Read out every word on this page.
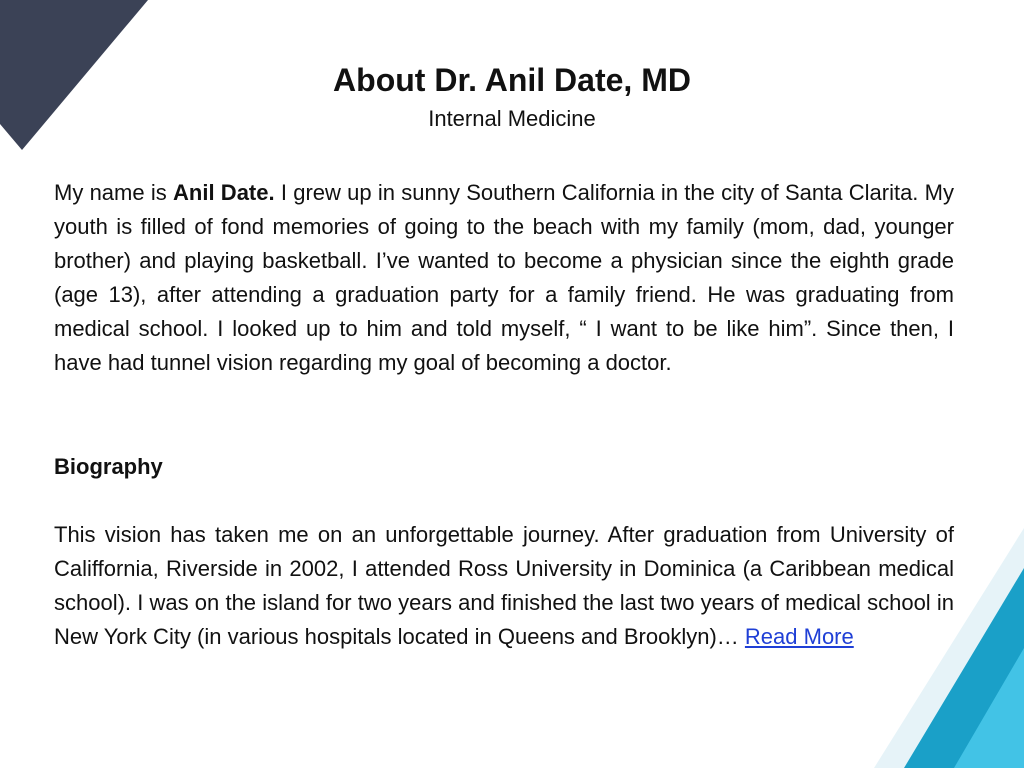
About Dr. Anil Date, MD
Internal Medicine

My name is Anil Date. I grew up in sunny Southern California in the city of Santa Clarita. My youth is filled of fond memories of going to the beach with my family (mom, dad, younger brother) and playing basketball. I’ve wanted to become a physician since the eighth grade (age 13), after attending a graduation party for a family friend. He was graduating from medical school. I looked up to him and told myself, “ I want to be like him”. Since then, I have had tunnel vision regarding my goal of becoming a doctor.

Biography

This vision has taken me on an unforgettable journey. After graduation from University of Califfornia, Riverside in 2002, I attended Ross University in Dominica (a Caribbean medical school). I was on the island for two years and finished the last two years of medical school in New York City (in various hospitals located in Queens and Brooklyn)… Read More
